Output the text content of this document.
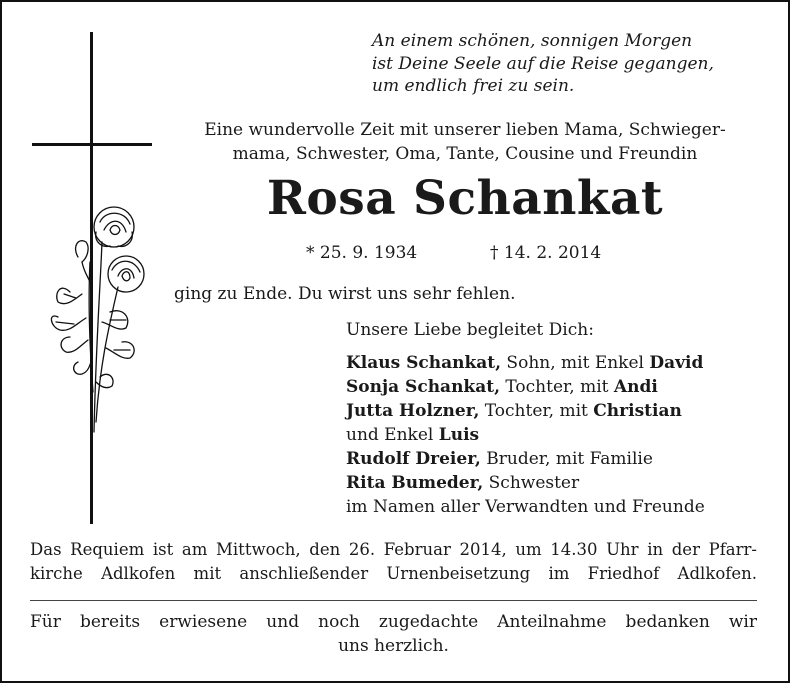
An einem schönen, sonnigen Morgen
ist Deine Seele auf die Reise gegangen,
um endlich frei zu sein.
Eine wundervolle Zeit mit unserer lieben Mama, Schwieger-
mama, Schwester, Oma, Tante, Cousine und Freundin
Rosa Schankat
* 25. 9. 1934	† 14. 2. 2014
ging zu Ende. Du wirst uns sehr fehlen.
Unsere Liebe begleitet Dich:
Klaus Schankat, Sohn, mit Enkel David
Sonja Schankat, Tochter, mit Andi
Jutta Holzner, Tochter, mit Christian
und Enkel Luis
Rudolf Dreier, Bruder, mit Familie
Rita Bumeder, Schwester
im Namen aller Verwandten und Freunde
Das Requiem ist am Mittwoch, den 26. Februar 2014, um 14.30 Uhr in der Pfarr-
kirche Adlkofen mit anschließender Urnenbeisetzung im Friedhof Adlkofen.
Für bereits erwiesene und noch zugedachte Anteilnahme bedanken wir
uns herzlich.
